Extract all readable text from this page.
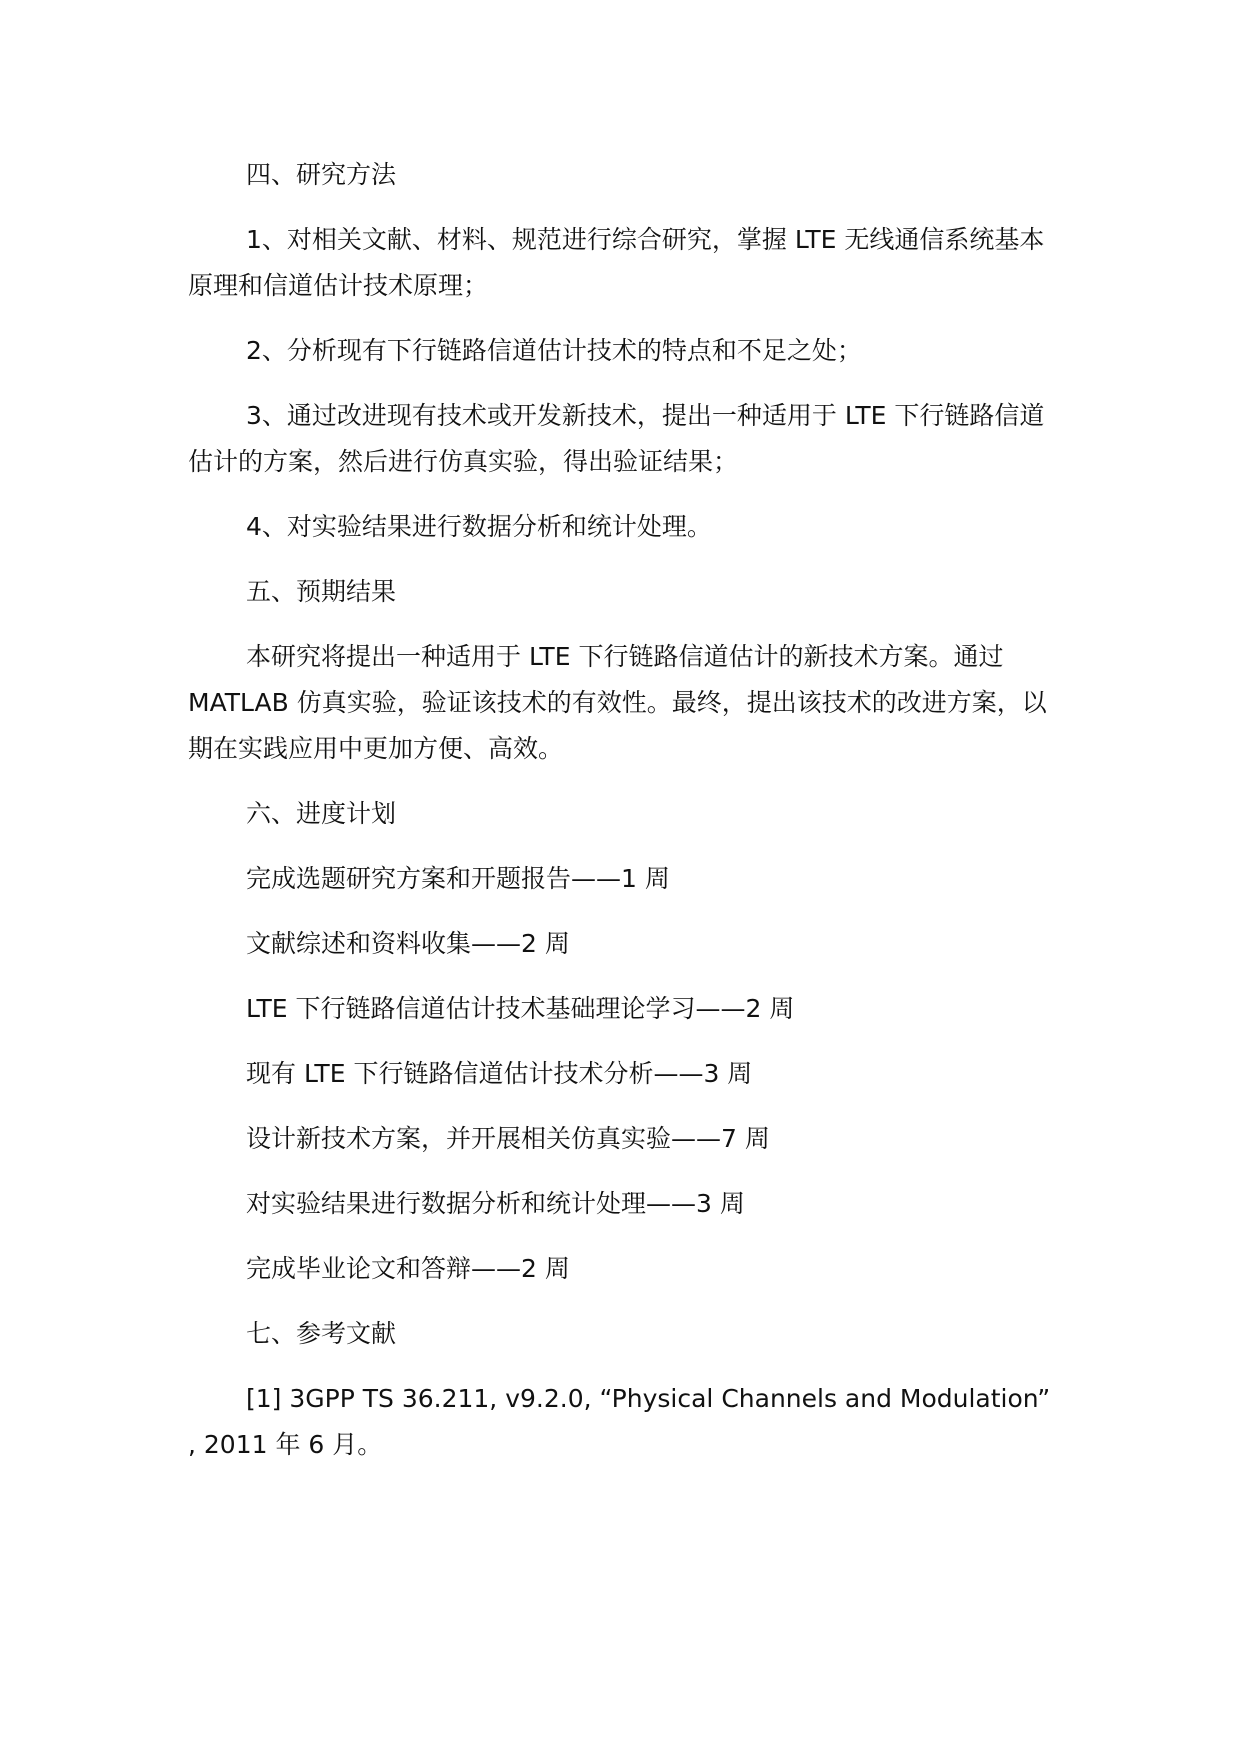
四、研究方法

1、对相关文献、材料、规范进行综合研究，掌握 LTE 无线通信系统基本原理和信道估计技术原理；

2、分析现有下行链路信道估计技术的特点和不足之处；

3、通过改进现有技术或开发新技术，提出一种适用于 LTE 下行链路信道估计的方案，然后进行仿真实验，得出验证结果；

4、对实验结果进行数据分析和统计处理。

五、预期结果

本研究将提出一种适用于 LTE 下行链路信道估计的新技术方案。通过 MATLAB 仿真实验，验证该技术的有效性。最终，提出该技术的改进方案，以期在实践应用中更加方便、高效。

六、进度计划

完成选题研究方案和开题报告——1 周

文献综述和资料收集——2 周

LTE 下行链路信道估计技术基础理论学习——2 周

现有 LTE 下行链路信道估计技术分析——3 周

设计新技术方案，并开展相关仿真实验——7 周

对实验结果进行数据分析和统计处理——3 周

完成毕业论文和答辩——2 周

七、参考文献

[1] 3GPP TS 36.211, v9.2.0, “Physical Channels and Modulation” , 2011 年 6 月。
